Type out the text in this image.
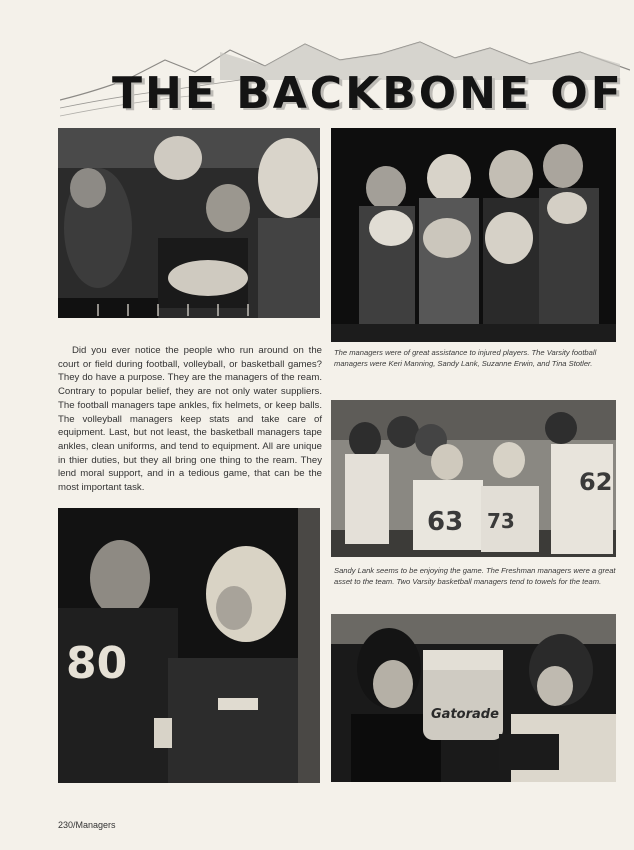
THE BACKBONE OF
The managers were of great assistance to injured players. The Varsity football managers were Keri Manning, Sandy Lank, Suzanne Erwin, and Tina Stotler.
Did you ever notice the people who run around on the court or field during football, volleyball, or basketball games? They do have a purpose. They are the managers of the ream. Contrary to popular belief, they are not only water suppliers. The football managers tape ankles, fix helmets, or keep balls. The volleyball managers keep stats and take care of equipment. Last, but not least, the basketball managers tape ankles, clean uniforms, and tend to equipment. All are unique in thier duties, but they all bring one thing to the ream. They lend moral support, and in a tedious game, that can be the most important task.
63 73
62
Sandy Lank seems to be enjoying the game. The Freshman managers were a great asset to the team. Two Varsity basketball managers tend to towels for the team.
80
Gatorade
230/Managers
